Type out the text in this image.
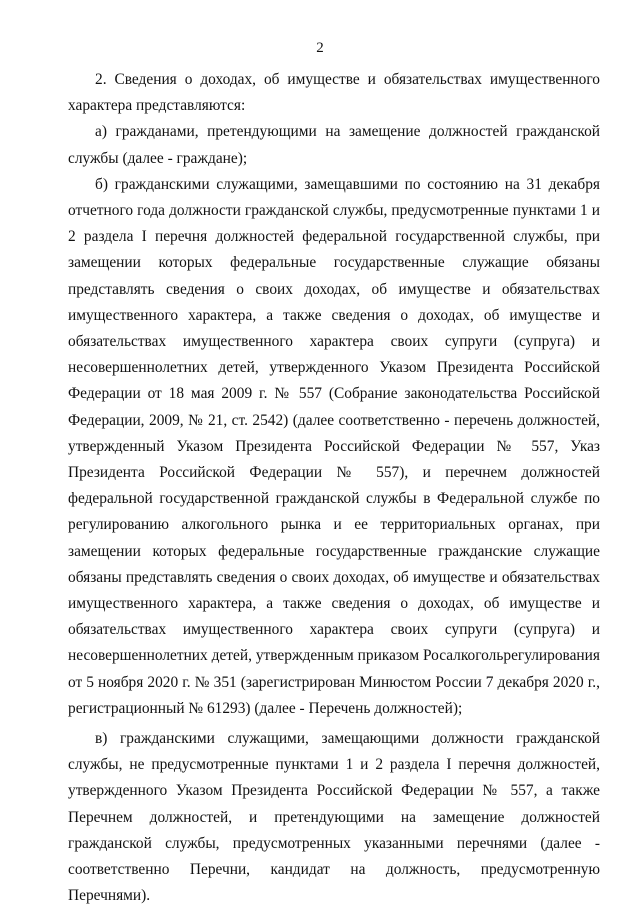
2

2. Сведения о доходах, об имуществе и обязательствах имущественного характера представляются:

а) гражданами, претендующими на замещение должностей гражданской службы (далее - граждане);

б) гражданскими служащими, замещавшими по состоянию на 31 декабря отчетного года должности гражданской службы, предусмотренные пунктами 1 и 2 раздела I перечня должностей федеральной государственной службы, при замещении которых федеральные государственные служащие обязаны представлять сведения о своих доходах, об имуществе и обязательствах имущественного характера, а также сведения о доходах, об имуществе и обязательствах имущественного характера своих супруги (супруга) и несовершеннолетних детей, утвержденного Указом Президента Российской Федерации от 18 мая 2009 г. № 557 (Собрание законодательства Российской Федерации, 2009, № 21, ст. 2542) (далее соответственно - перечень должностей, утвержденный Указом Президента Российской Федерации № 557, Указ Президента Российской Федерации № 557), и перечнем должностей федеральной государственной гражданской службы в Федеральной службе по регулированию алкогольного рынка и ее территориальных органах, при замещении которых федеральные государственные гражданские служащие обязаны представлять сведения о своих доходах, об имуществе и обязательствах имущественного характера, а также сведения о доходах, об имуществе и обязательствах имущественного характера своих супруги (супруга) и несовершеннолетних детей, утвержденным приказом Росалкогольрегулирования от 5 ноября 2020 г. № 351 (зарегистрирован Минюстом России 7 декабря 2020 г., регистрационный № 61293) (далее - Перечень должностей);

в) гражданскими служащими, замещающими должности гражданской службы, не предусмотренные пунктами 1 и 2 раздела I перечня должностей, утвержденного Указом Президента Российской Федерации № 557, а также Перечнем должностей, и претендующими на замещение должностей гражданской службы, предусмотренных указанными перечнями (далее - соответственно Перечни, кандидат на должность, предусмотренную Перечнями).
